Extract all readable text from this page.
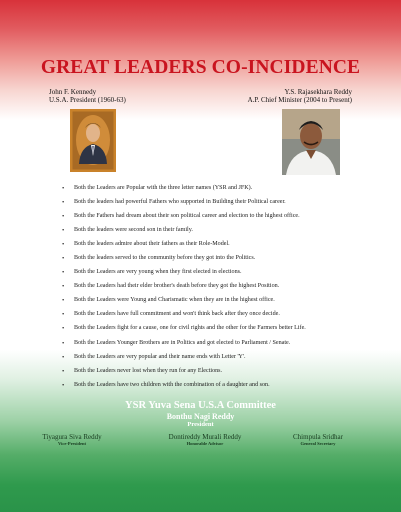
GREAT LEADERS CO-INCIDENCE
John F. Kennedy
U.S.A. President (1960-63)
Y.S. Rajasekhara Reddy
A.P. Chief Minister (2004 to Present)
• Both the Leaders are Popular with the three letter names (YSR and JFK).
• Both the leaders had powerful Fathers who supported in Building their Political career.
• Both the Fathers had dream about their son political career and election to the highest office.
• Both the leaders were second son in their family.
• Both the leaders admire about their fathers as their Role-Model.
• Both the leaders served to the community before they got into the Politics.
• Both the Leaders are very young when they first elected in elections.
• Both the Leaders had their elder brother's death before they got the highest Position.
• Both the Leaders were Young and Charismatic when they are in the highest office.
• Both the Leaders have full commitment and won't think back after they once decide.
• Both the Leaders fight for a cause, one for civil rights and the other for the Farmers better Life.
• Both the Leaders Younger Brothers are in Politics and got elected to Parliament / Senate.
• Both the Leaders are very popular and their name ends with Letter 'Y'.
• Both the Leaders never lost when they run for any Elections.
• Both the Leaders have two children with the combination of a daughter and son.
YSR Yuva Sena U.S.A Committee
Bonthu Nagi Reddy
President
Tiyagura Siva Reddy
Vice-President
Dontireddy Murali Reddy
Honorable Advisor
Chimpula Sridhar
General Secretary
